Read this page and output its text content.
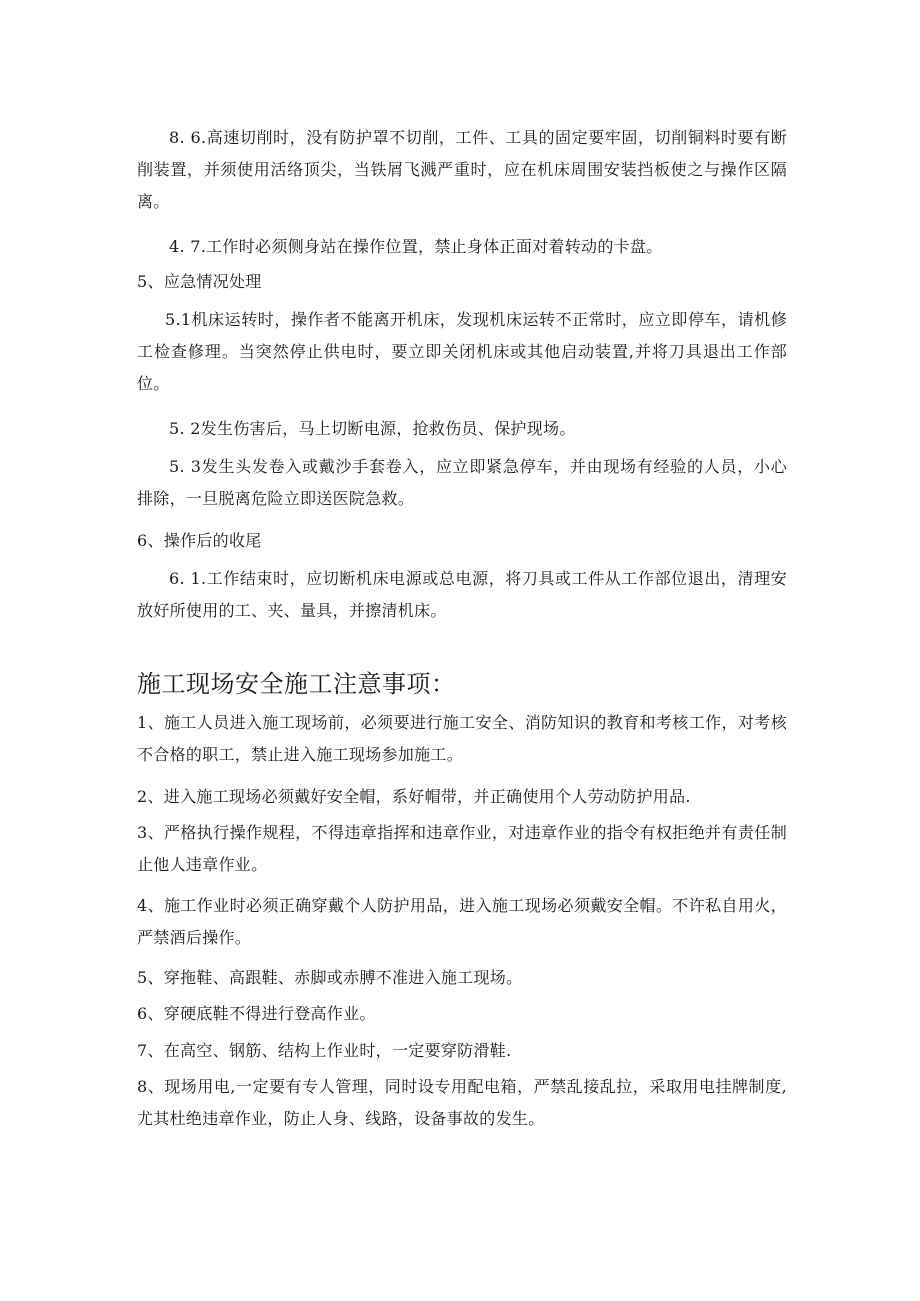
8. 6.高速切削时，没有防护罩不切削，工件、工具的固定要牢固，切削铜料时要有断削装置，并须使用活络顶尖，当铁屑飞溅严重时，应在机床周围安装挡板使之与操作区隔离。

4. 7.工作时必须侧身站在操作位置，禁止身体正面对着转动的卡盘。

5、应急情况处理

5.1机床运转时，操作者不能离开机床，发现机床运转不正常时，应立即停车，请机修工检查修理。当突然停止供电时，要立即关闭机床或其他启动装置,并将刀具退出工作部位。

5. 2发生伤害后，马上切断电源，抢救伤员、保护现场。

5. 3发生头发卷入或戴沙手套卷入，应立即紧急停车，并由现场有经验的人员，小心排除，一旦脱离危险立即送医院急救。

6、操作后的收尾

6. 1.工作结束时，应切断机床电源或总电源，将刀具或工件从工作部位退出，清理安放好所使用的工、夹、量具，并擦清机床。

施工现场安全施工注意事项：

1、施工人员进入施工现场前，必须要进行施工安全、消防知识的教育和考核工作，对考核不合格的职工，禁止进入施工现场参加施工。

2、进入施工现场必须戴好安全帽，系好帽带，并正确使用个人劳动防护用品.

3、严格执行操作规程，不得违章指挥和违章作业，对违章作业的指令有权拒绝并有责任制止他人违章作业。

4、施工作业时必须正确穿戴个人防护用品，进入施工现场必须戴安全帽。不许私自用火，严禁酒后操作。

5、穿拖鞋、高跟鞋、赤脚或赤膊不准进入施工现场。

6、穿硬底鞋不得进行登高作业。

7、在高空、钢筋、结构上作业时，一定要穿防滑鞋.

8、现场用电,一定要有专人管理，同时设专用配电箱，严禁乱接乱拉，采取用电挂牌制度,尤其杜绝违章作业，防止人身、线路，设备事故的发生。
